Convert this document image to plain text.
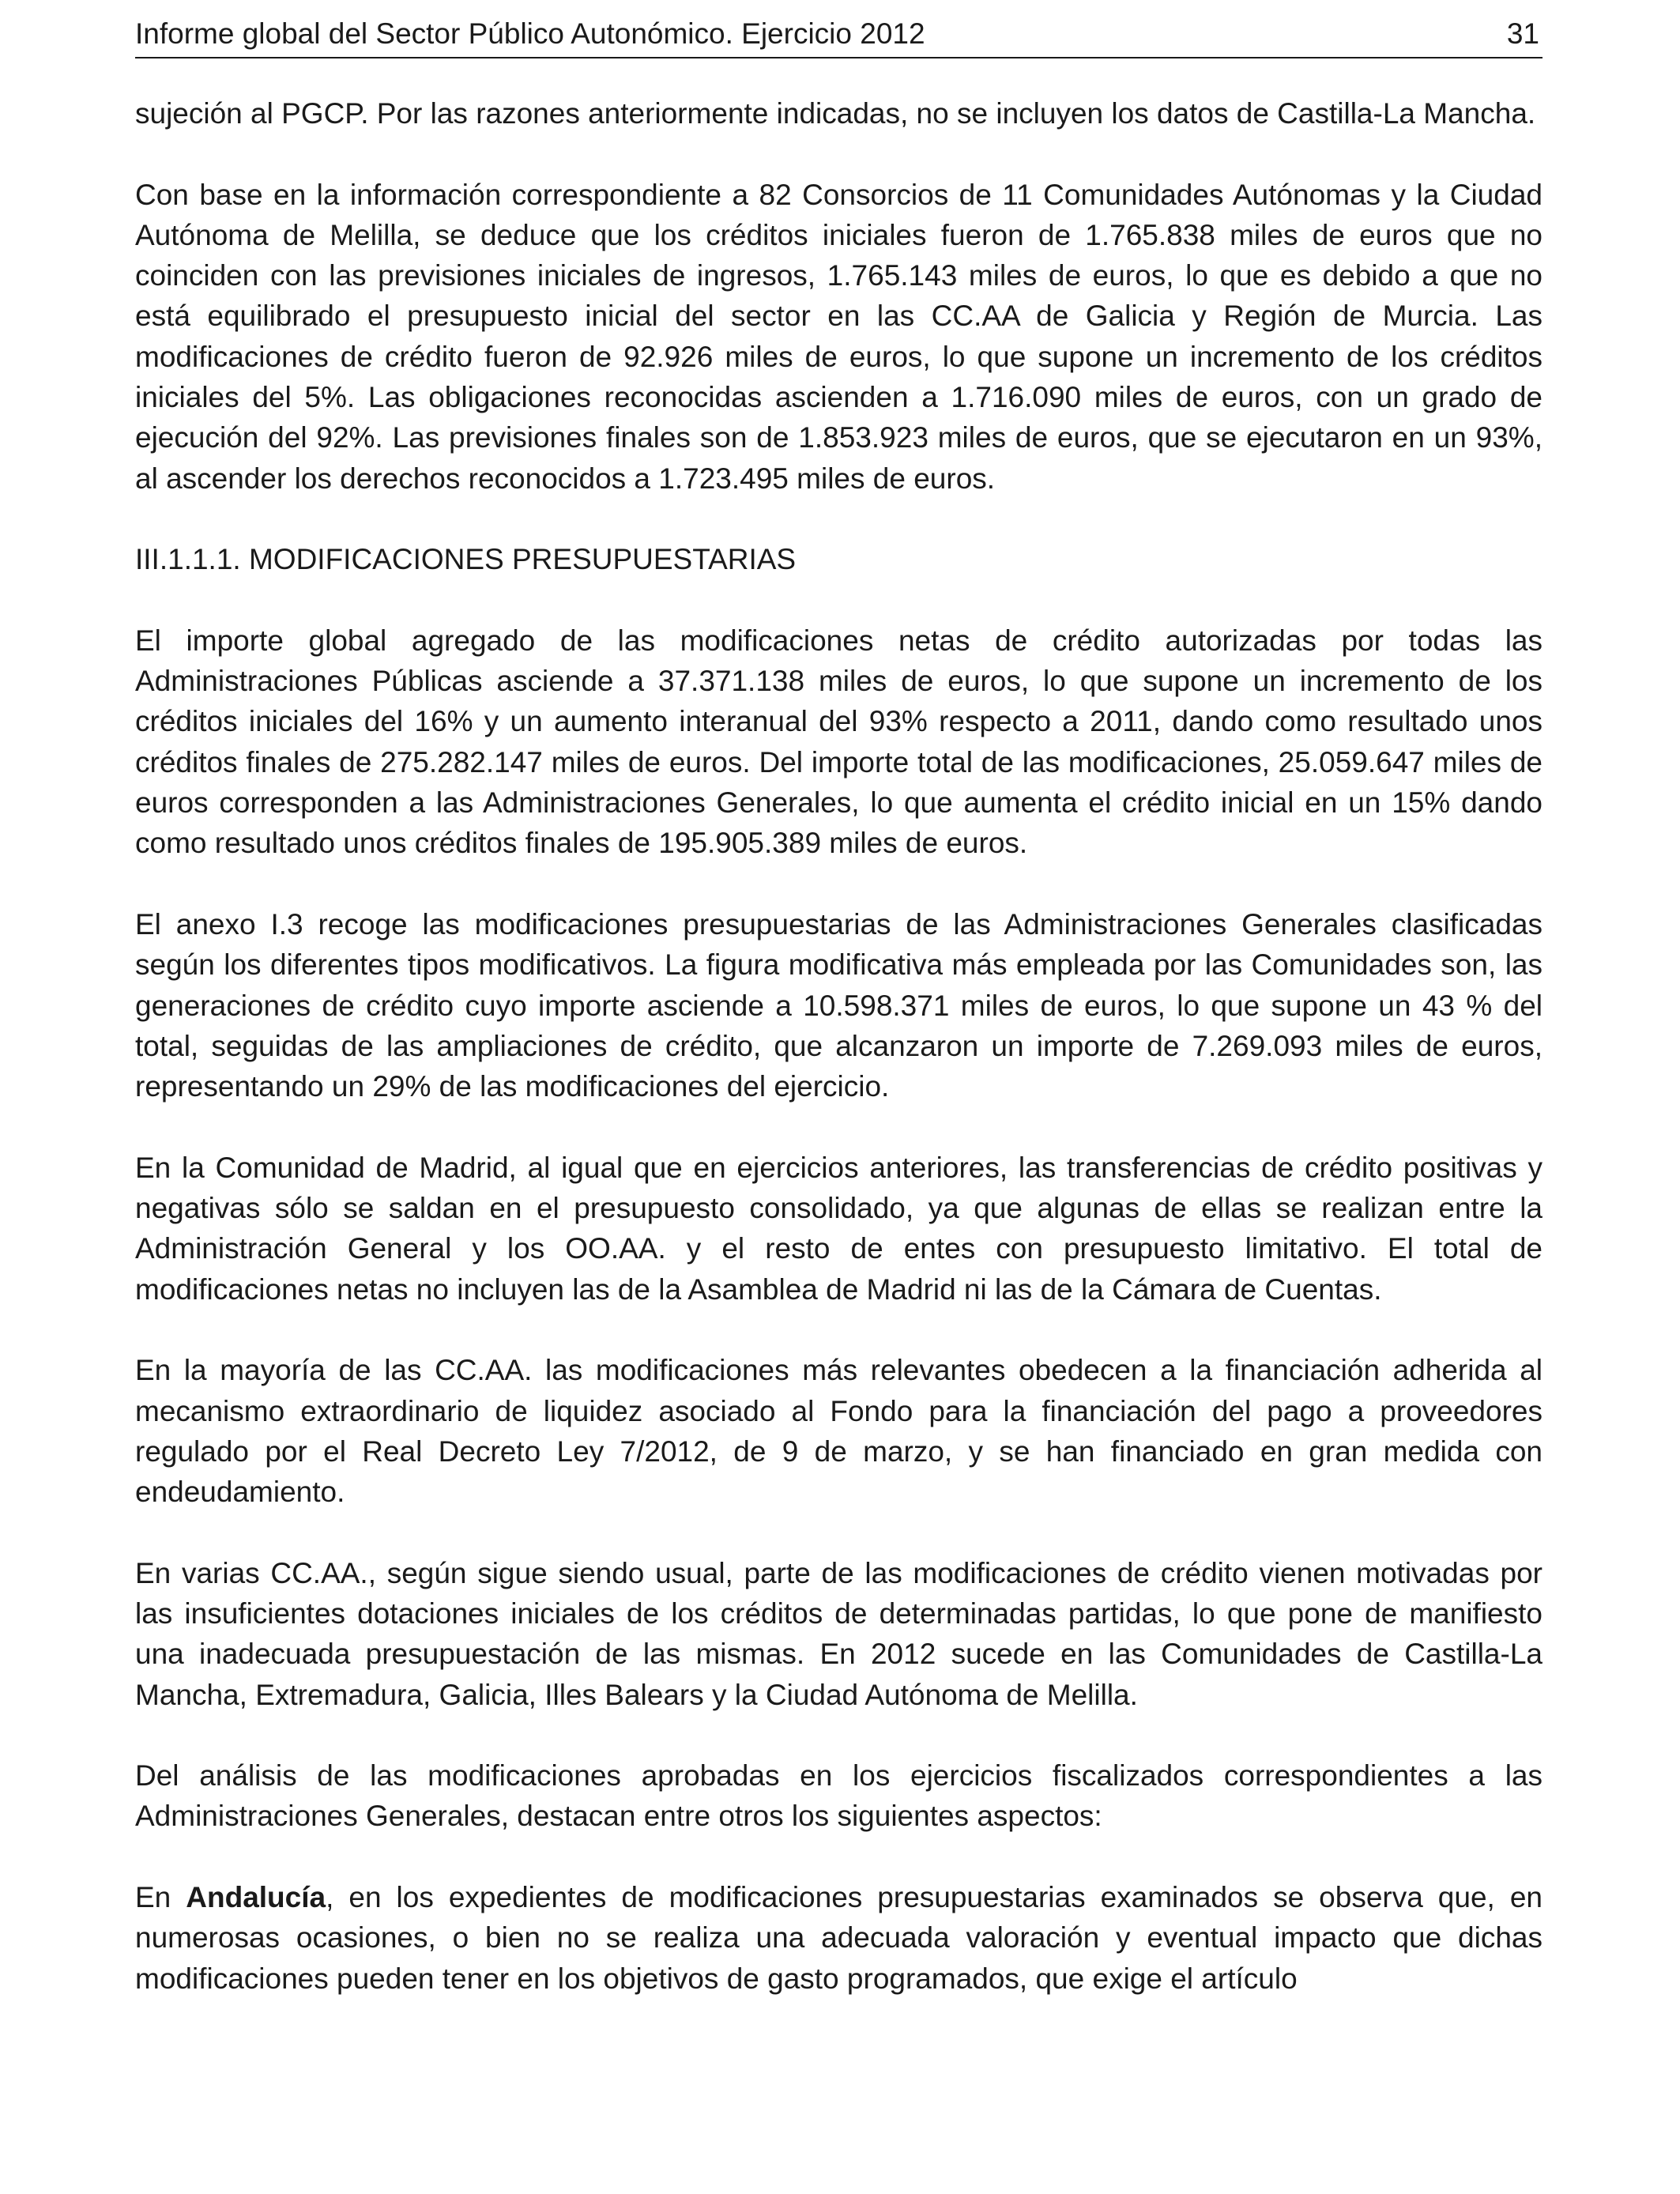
Informe global del Sector Público Autonómico. Ejercicio 2012	31

sujeción al PGCP. Por las razones anteriormente indicadas, no se incluyen los datos de Castilla-La Mancha.

Con base en la información correspondiente a 82 Consorcios de 11 Comunidades Autónomas y la Ciudad Autónoma de Melilla, se deduce que los créditos iniciales fueron de 1.765.838 miles de euros que no coinciden con las previsiones iniciales de ingresos, 1.765.143 miles de euros, lo que es debido a que no está equilibrado el presupuesto inicial del sector en las CC.AA de Galicia y Región de Murcia. Las modificaciones de crédito fueron de 92.926 miles de euros, lo que supone un incremento de los créditos iniciales del 5%. Las obligaciones reconocidas ascienden a 1.716.090 miles de euros, con un grado de ejecución del 92%. Las previsiones finales son de 1.853.923 miles de euros, que se ejecutaron en un 93%, al ascender los derechos reconocidos a 1.723.495 miles de euros.

III.1.1.1. MODIFICACIONES PRESUPUESTARIAS

El importe global agregado de las modificaciones netas de crédito autorizadas por todas las Administraciones Públicas asciende a 37.371.138 miles de euros, lo que supone un incremento de los créditos iniciales del 16% y un aumento interanual del 93% respecto a 2011, dando como resultado unos créditos finales de 275.282.147 miles de euros. Del importe total de las modificaciones, 25.059.647 miles de euros corresponden a las Administraciones Generales, lo que aumenta el crédito inicial en un 15% dando como resultado unos créditos finales de 195.905.389 miles de euros.

El anexo I.3 recoge las modificaciones presupuestarias de las Administraciones Generales clasificadas según los diferentes tipos modificativos. La figura modificativa más empleada por las Comunidades son, las generaciones de crédito cuyo importe asciende a 10.598.371 miles de euros, lo que supone un 43 % del total, seguidas de las ampliaciones de crédito, que alcanzaron un importe de 7.269.093 miles de euros, representando un 29% de las modificaciones del ejercicio.

En la Comunidad de Madrid, al igual que en ejercicios anteriores, las transferencias de crédito positivas y negativas sólo se saldan en el presupuesto consolidado, ya que algunas de ellas se realizan entre la Administración General y los OO.AA. y el resto de entes con presupuesto limitativo. El total de modificaciones netas no incluyen las de la Asamblea de Madrid ni las de la Cámara de Cuentas.

En la mayoría de las CC.AA. las modificaciones más relevantes obedecen a la financiación adherida al mecanismo extraordinario de liquidez asociado al Fondo para la financiación del pago a proveedores regulado por el Real Decreto Ley 7/2012, de 9 de marzo, y se han financiado en gran medida con endeudamiento.

En varias CC.AA., según sigue siendo usual, parte de las modificaciones de crédito vienen motivadas por las insuficientes dotaciones iniciales de los créditos de determinadas partidas, lo que pone de manifiesto una inadecuada presupuestación de las mismas. En 2012 sucede en las Comunidades de Castilla-La Mancha, Extremadura, Galicia, Illes Balears y la Ciudad Autónoma de Melilla.

Del análisis de las modificaciones aprobadas en los ejercicios fiscalizados correspondientes a las Administraciones Generales, destacan entre otros los siguientes aspectos:

En Andalucía, en los expedientes de modificaciones presupuestarias examinados se observa que, en numerosas ocasiones, o bien no se realiza una adecuada valoración y eventual impacto que dichas modificaciones pueden tener en los objetivos de gasto programados, que exige el artículo
